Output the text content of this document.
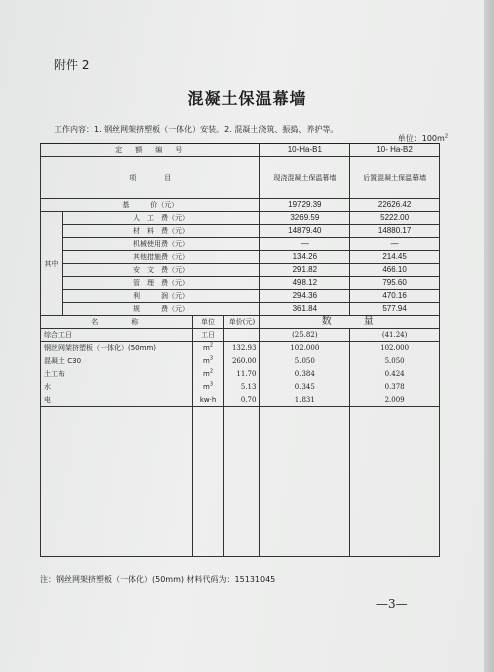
附件 2
混凝土保温幕墙
工作内容：1. 钢丝网架挤塑板（一体化）安装。2. 混凝土浇筑、振捣、养护等。
单位：$100m^2$
定　额　编　号				10-Ha-B1	10- Ha-B2
项　　　　目				现浇混凝土保温幕墙	后置混凝土保温幕墙
基　　　价（元）				19729.39	22626.42
其中	人　工　费（元）			3269.59	5222.00
	材　料　费（元）			14879.40	14880.17
	机械使用费（元）			—	—
	其他措施费（元）			134.26	214.45
	安　文　费（元）			291.82	466.10
	管　理　费（元）			498.12	795.60
	利　　　润（元）			294.36	470.16
	规　　　费（元）			361.84	577.94
名　　　称		单位	单价(元)	数　　量	
综合工日		工日		(25.82)	(41.24)
钢丝网架挤塑板（一体化）(50mm)		$m^2$	132.93	102.000	102.000
混凝土 C30		$m^3$	260.00	5.050	5.050
土工布		$m^2$	11.70	0.384	0.424
水		$m^3$	5.13	0.345	0.378
电		kw·h	0.70	1.831	2.009

注：钢丝网架挤塑板（一体化）(50mm) 材料代码为：15131045
—3—
